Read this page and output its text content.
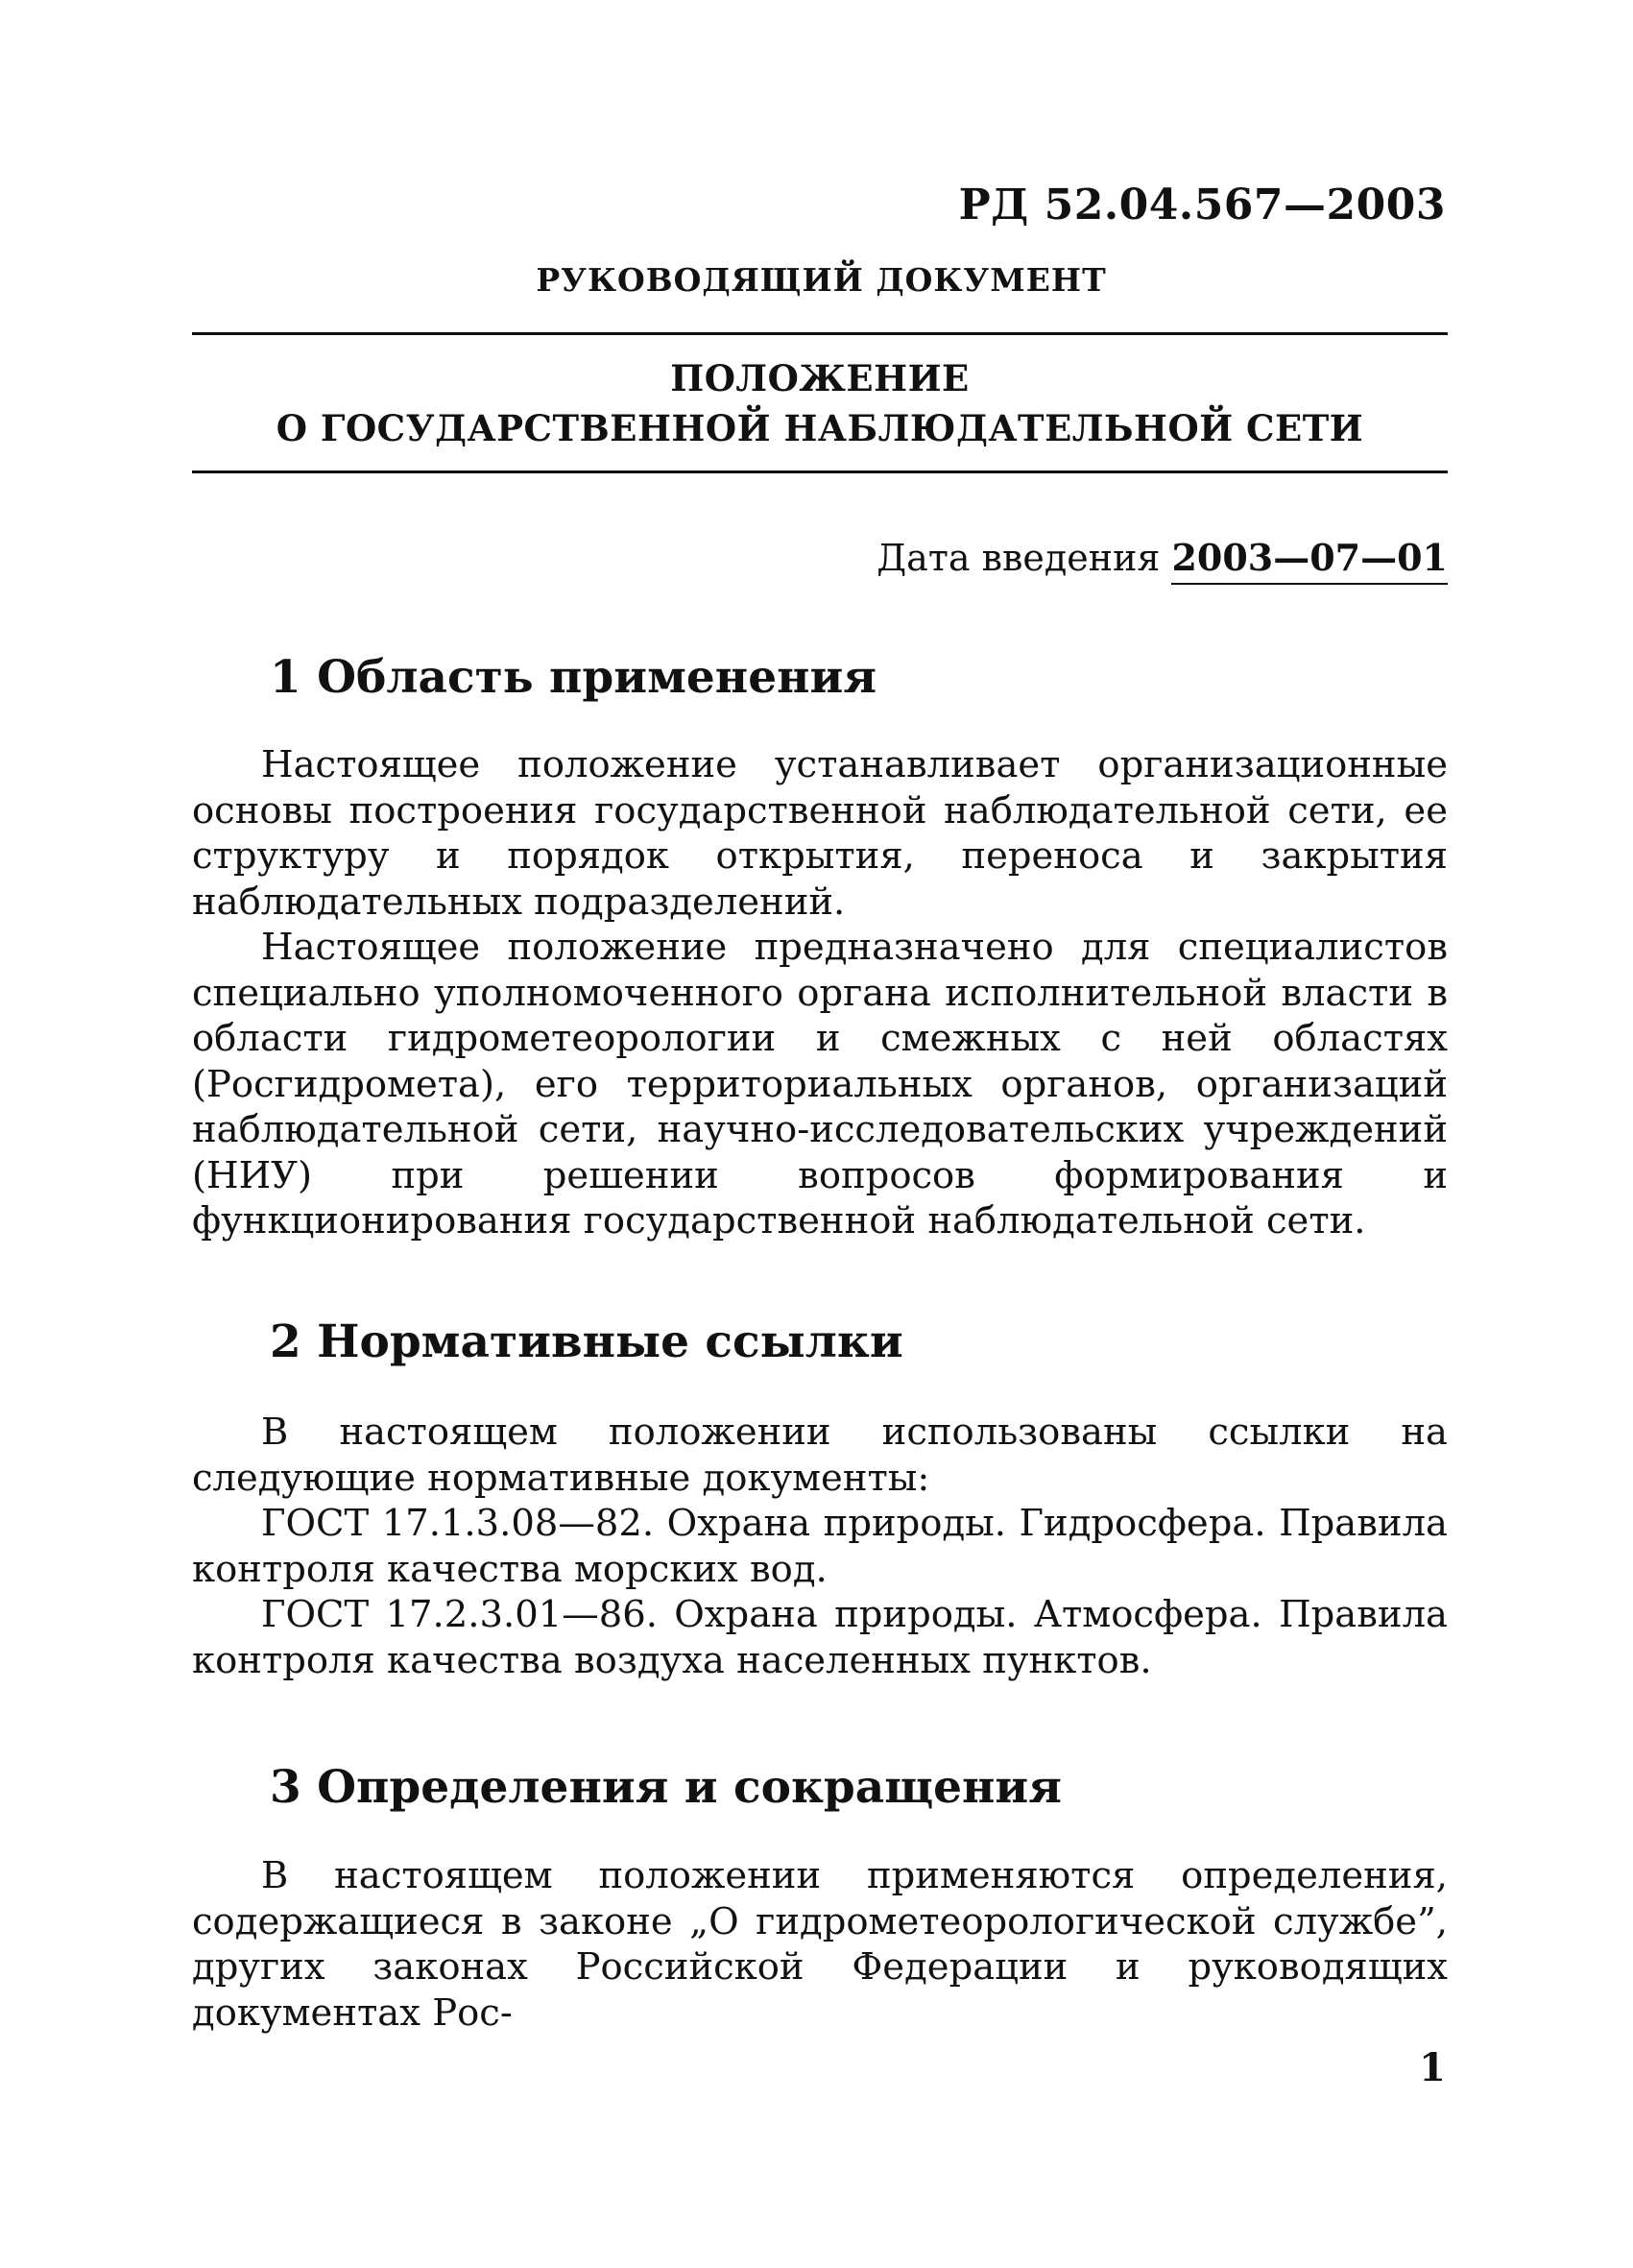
РД 52.04.567—2003
РУКОВОДЯЩИЙ ДОКУМЕНТ
ПОЛОЖЕНИЕ
О ГОСУДАРСТВЕННОЙ НАБЛЮДАТЕЛЬНОЙ СЕТИ
Дата введения 2003—07—01
1 Область применения

Настоящее положение устанавливает организационные основы построения государственной наблюдательной сети, ее структуру и порядок открытия, переноса и закрытия наблюдательных подразделений.

Настоящее положение предназначено для специалистов специально уполномоченного органа исполнительной власти в области гидрометеорологии и смежных с ней областях (Росгидромета), его территориальных органов, организаций наблюдательной сети, научно-исследовательских учреждений (НИУ) при решении вопросов формирования и функционирования государственной наблюдательной сети.

2 Нормативные ссылки

В настоящем положении использованы ссылки на следующие нормативные документы:

ГОСТ 17.1.3.08—82. Охрана природы. Гидросфера. Правила контроля качества морских вод.

ГОСТ 17.2.3.01—86. Охрана природы. Атмосфера. Правила контроля качества воздуха населенных пунктов.

3 Определения и сокращения

В настоящем положении применяются определения, содержащиеся в законе „О гидрометеорологической службе”, других законах Российской Федерации и руководящих документах Рос-

1
